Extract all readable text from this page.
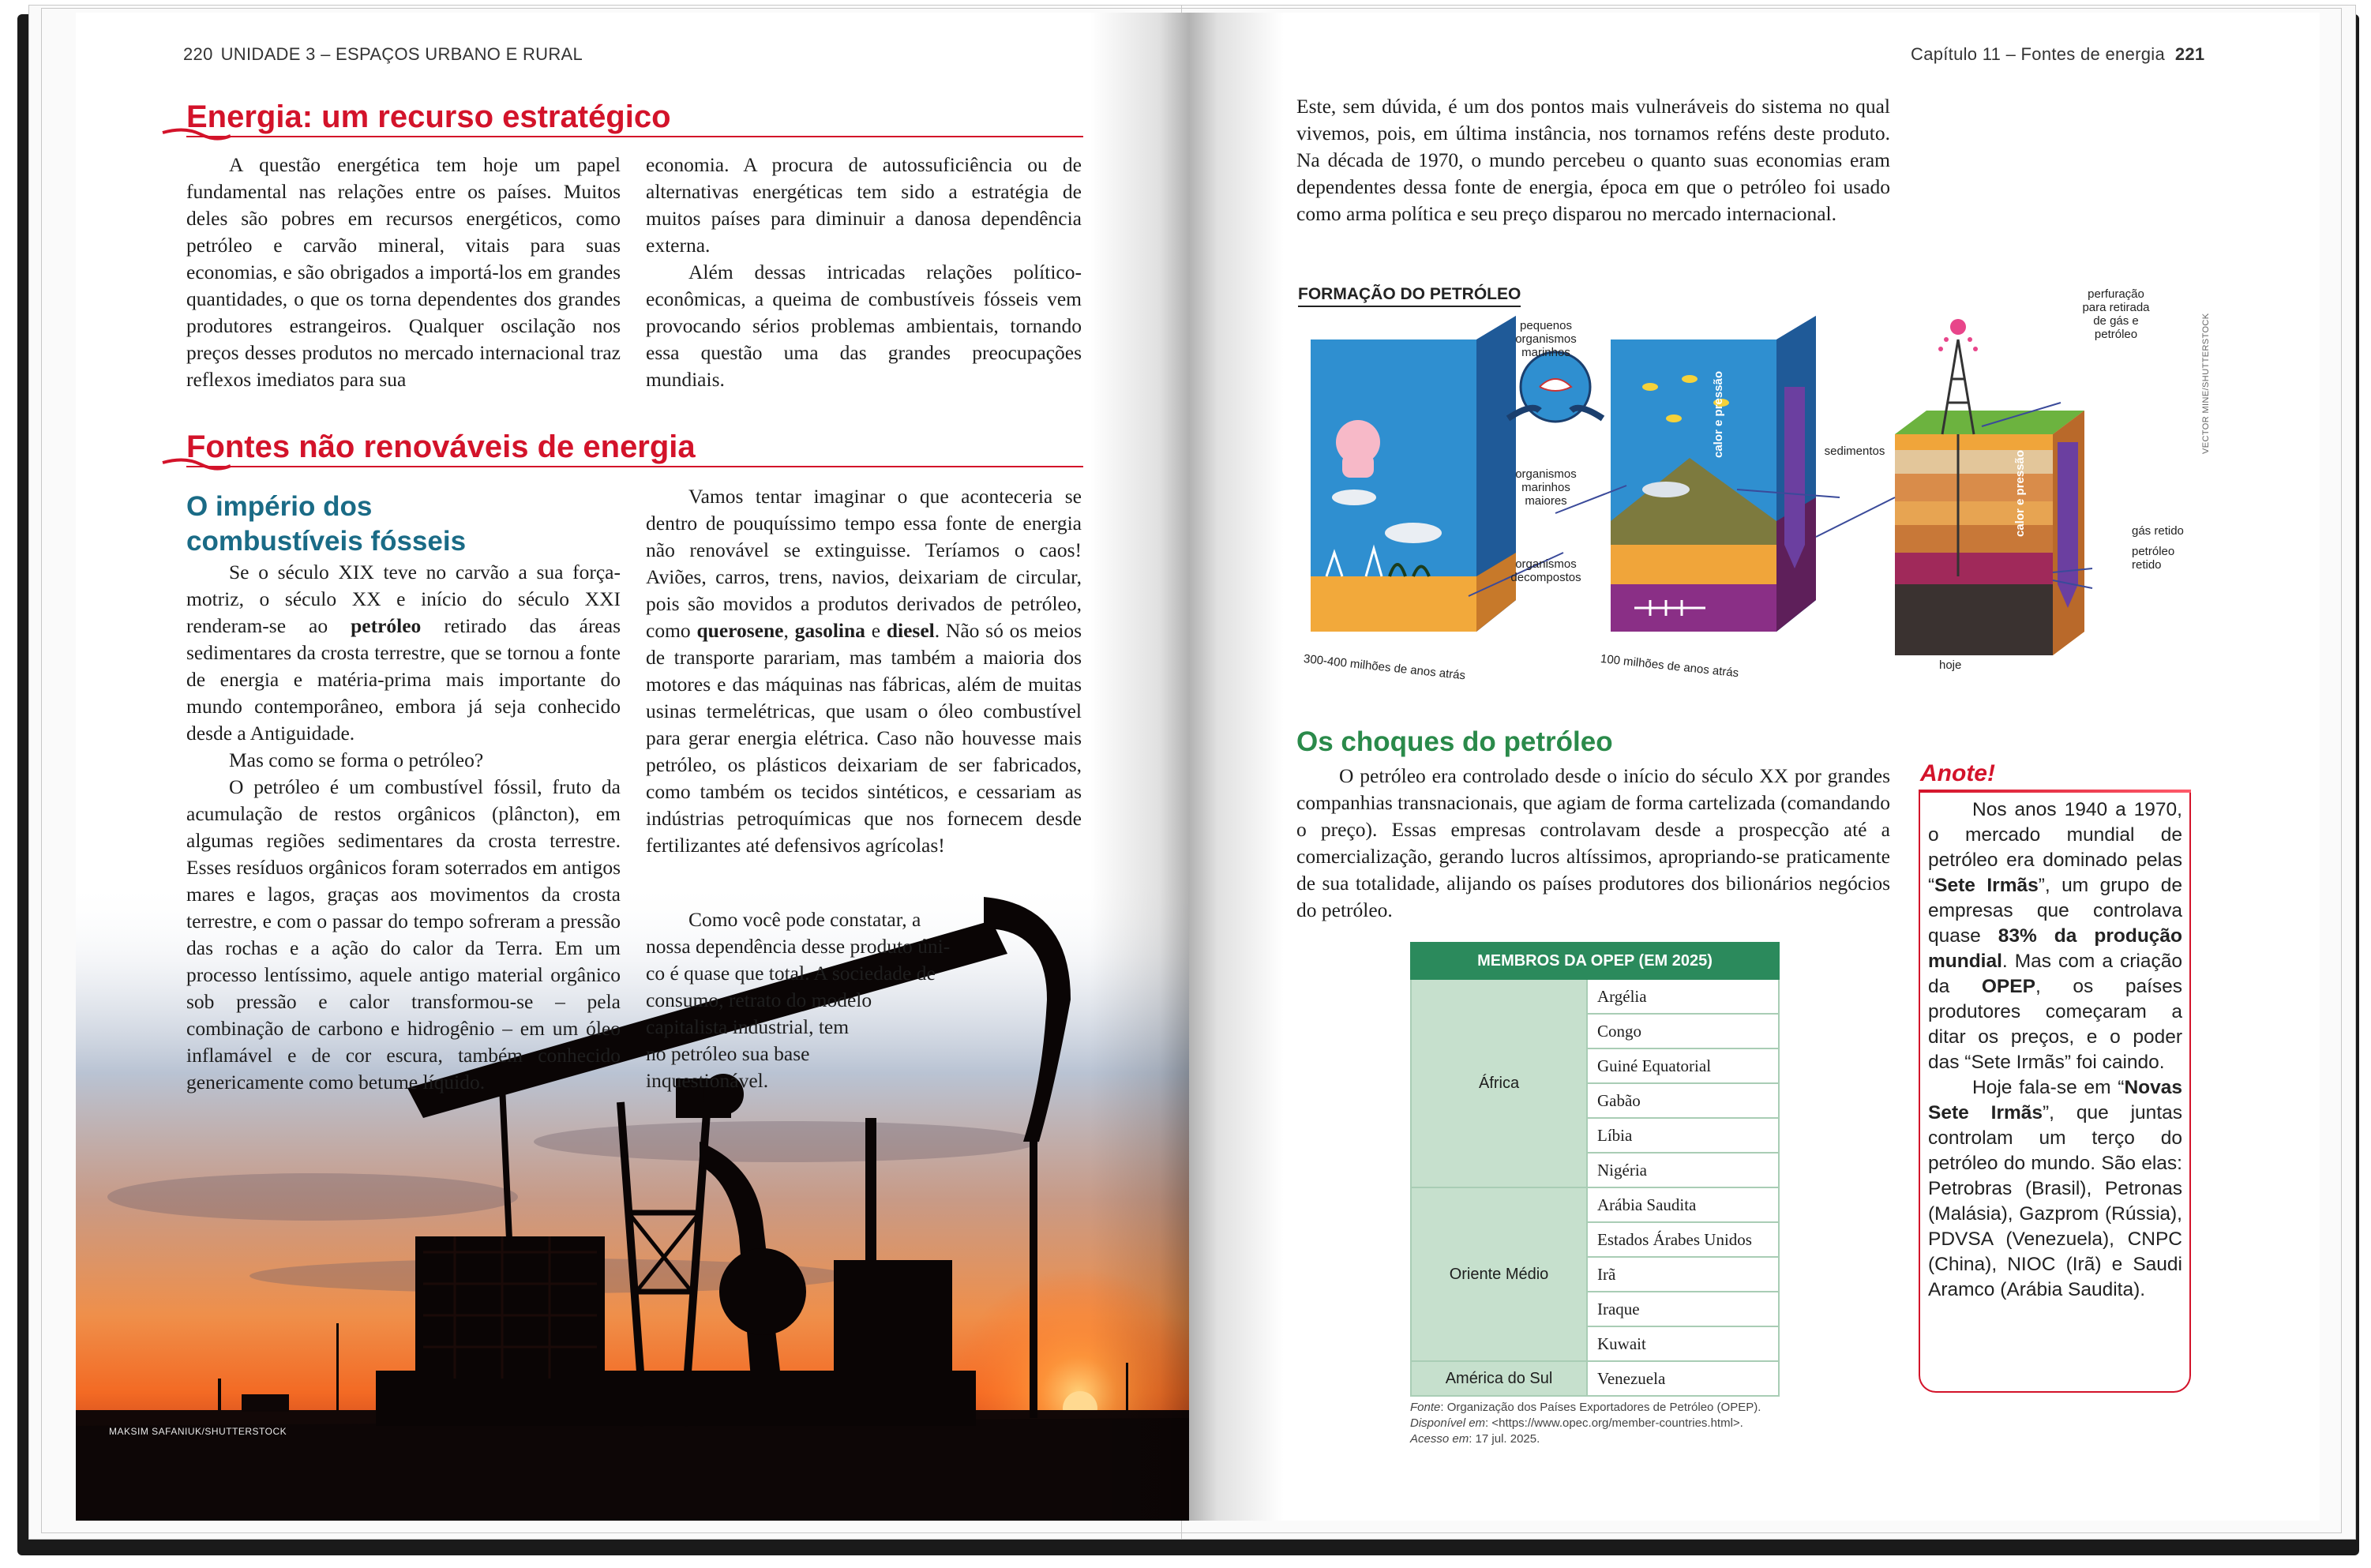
220 UNIDADE 3 – ESPAÇOS URBANO E RURAL
Energia: um recurso estratégico

A questão energética tem hoje um papel fundamental nas relações entre os países. Muitos deles são pobres em recursos energéticos, como petróleo e carvão mineral, vitais para suas economias, e são obrigados a importá-los em grandes quantidades, o que os torna dependentes dos grandes produtores estrangeiros. Qualquer oscilação nos preços desses produtos no mercado internacional traz reflexos imediatos para sua

economia. A procura de autossuficiência ou de alternativas energéticas tem sido a estratégia de muitos países para diminuir a danosa dependência externa.

Além dessas intricadas relações político-econômicas, a queima de combustíveis fósseis vem provocando sérios problemas ambientais, tornando essa questão uma das grandes preocupações mundiais.

Fontes não renováveis de energia
O império dos
combustíveis fósseis

Se o século XIX teve no carvão a sua força-motriz, o século XX e início do século XXI renderam-se ao petróleo retirado das áreas sedimentares da crosta terrestre, que se tornou a fonte de energia e matéria-prima mais importante do mundo contemporâneo, embora já seja conhecido desde a Antiguidade.

Mas como se forma o petróleo?

O petróleo é um combustível fóssil, fruto da acumulação de restos orgânicos (plâncton), em algumas regiões sedimentares da crosta terrestre. Esses resíduos orgânicos foram soterrados em antigos mares e lagos, graças aos movimentos da crosta terrestre, e com o passar do tempo sofreram a pressão das rochas e a ação do calor da Terra. Em um processo lentíssimo, aquele antigo material orgânico sob pressão e calor transformou-se – pela combinação de carbono e hidrogênio – em um óleo inflamável e de cor escura, também conhecido genericamente como betume líquido.

Vamos tentar imaginar o que aconteceria se dentro de pouquíssimo tempo essa fonte de energia não renovável se extinguisse. Teríamos o caos! Aviões, carros, trens, navios, deixariam de circular, pois são movidos a produtos derivados de petróleo, como querosene, gasolina e diesel. Não só os meios de transporte parariam, mas também a maioria dos motores e das máquinas nas fábricas, além de muitas usinas termelétricas, que usam o óleo combustível para gerar energia elétrica. Caso não houvesse mais petróleo, os plásticos deixariam de ser fabricados, como também os tecidos sintéticos, e cessariam as indústrias petroquímicas que nos fornecem desde fertilizantes até defensivos agrícolas!

Como você pode constatar, a
nossa dependência desse produto úni-
co é quase que total. A sociedade de
consumo, retrato do modelo
capitalista industrial, tem
no petróleo sua base
inquestionável.
MAKSIM SAFANIUK/SHUTTERSTOCK
Capítulo 11 – Fontes de energia 221

Este, sem dúvida, é um dos pontos mais vulneráveis do sistema no qual vivemos, pois, em última instância, nos tornamos reféns deste produto. Na década de 1970, o mundo percebeu o quanto suas economias eram dependentes dessa fonte de energia, época em que o petróleo foi usado como arma política e seu preço disparou no mercado internacional.

FORMAÇÃO DO PETRÓLEO
pequenos
organismos
marinhos
organismos
marinhos
maiores
organismos
decompostos
sedimentos
perfuração
para retirada
de gás e
petróleo
gás retido
petróleo
retido
calor e pressão
calor e pressão
300-400 milhões de anos atrás	100 milhões de anos atrás	hoje
VECTOR MINE/SHUTTERSTOCK
Os choques do petróleo

O petróleo era controlado desde o início do século XX por grandes companhias transnacionais, que agiam de forma cartelizada (comandando o preço). Essas empresas controlavam desde a prospecção até a comercialização, gerando lucros altíssimos, apropriando-se praticamente de sua totalidade, alijando os países produtores dos bilionários negócios do petróleo.

MEMBROS DA OPEP (EM 2025)	
África	Argélia
	Congo
	Guiné Equatorial
	Gabão
	Líbia
	Nigéria
Oriente Médio	Arábia Saudita
	Estados Árabes Unidos
	Irã
	Iraque
	Kuwait
América do Sul	Venezuela
Fonte: Organização dos Países Exportadores de Petróleo (OPEP).
Disponível em: <https://www.opec.org/member-countries.html>.
Acesso em: 17 jul. 2025.
Anote!

Nos anos 1940 a 1970, o mercado mundial de petróleo era dominado pelas “Sete Irmãs”, um grupo de empresas que controlava quase 83% da produção mundial. Mas com a criação da OPEP, os países produtores começaram a ditar os preços, e o poder das “Sete Irmãs” foi caindo.

Hoje fala-se em “Novas Sete Irmãs”, que juntas controlam um terço do petróleo do mundo. São elas: Petrobras (Brasil), Petronas (Malásia), Gazprom (Rússia), PDVSA (Venezuela), CNPC (China), NIOC (Irã) e Saudi Aramco (Arábia Saudita).
